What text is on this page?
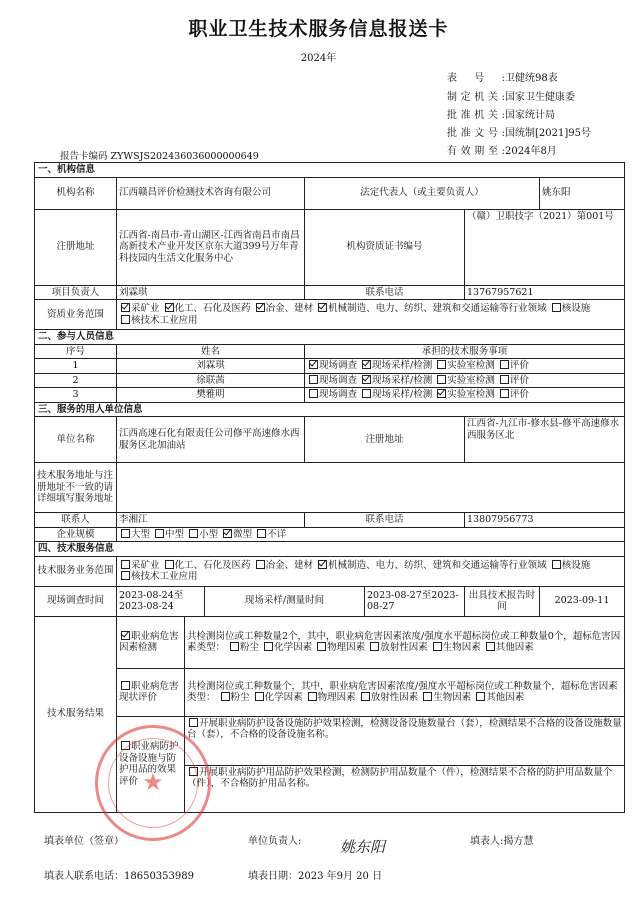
职业卫生技术服务信息报送卡
2024年
表号:卫健统98表
制定机关:国家卫生健康委
批准机关:国家统计局
批准文号:国统制[2021]95号
有效期至:2024年8月
报告卡编码 ZYWSJS202436036000000649
一、机构信息							
机构名称	江西赣昌评价检测技术咨询有限公司			法定代表人（或主要负责人）			姚东阳
注册地址	江西省-南昌市-青山湖区-江西省南昌市南昌高新技术产业开发区京东大道399号万年青科技园内生活文化服务中心			机构资质证书编号		（赣）卫职技字（2021）第001号	
项目负责人	刘霖琪			联系电话		13767957621	
资质业务范围	采矿业 化工、石化及医药 冶金、建材 机械制造、电力、纺织、建筑和交通运输等行业领域 核设施 核技术工业应用						
二、参与人员信息							
序号	姓名			承担的技术服务事项			
1	刘霖琪			现场调查 现场采样/检测 实验室检测 评价			
2	徐联茜			现场调查 现场采样/检测 实验室检测 评价			
3	樊雅明			现场调查 现场采样/检测 实验室检测 评价			
三、服务的用人单位信息							
单位名称	江西高速石化有限责任公司修平高速修水西服务区北加油站			注册地址		江西省-九江市-修水县-修平高速修水西服务区北	
技术服务地址与注册地址不一致的请详细填写服务地址							
联系人	李湘江			联系电话		13807956773	
企业规模	大型 中型 小型 微型 不详						
四、技术服务信息							
技术服务业务范围	采矿业 化工、石化及医药 冶金、建材 机械制造、电力、纺织、建筑和交通运输等行业领域 核设施 核技术工业应用						
现场调查时间	2023-08-24至2023-08-24		现场采样/测量时间		2023-08-27至2023-08-27	出具技术报告时间	2023-09-11
技术服务结果	职业病危害因素检测	共检测岗位或工种数量2个，其中，职业病危害因素浓度/强度水平超标岗位或工种数量0个，超标危害因素类型： 粉尘 化学因素 物理因素 放射性因素 生物因素 其他因素					
	职业病危害现状评价	共检测岗位或工种数量个，其中，职业病危害因素浓度/强度水平超标岗位或工种数量个，超标危害因素类型： 粉尘 化学因素 物理因素 放射性因素 生物因素 其他因素					
	职业病防护设备设施与防护用品的效果评价	开展职业病防护设备设施防护效果检测，检测设备设施数量台（套），检测结果不合格的设备设施数量台（套），不合格的设备设施名称。
开展职业病防护用品防护效果检测，检测防护用品数量个（件），检测结果不合格的防护用品数量个（件），不合格防护用品名称。					
★
填表单位（签章）	单位负责人:	姚东阳	填表人:揭方慧
填表人联系电话：18650353989	填表日期：2023 年9月 20 日
